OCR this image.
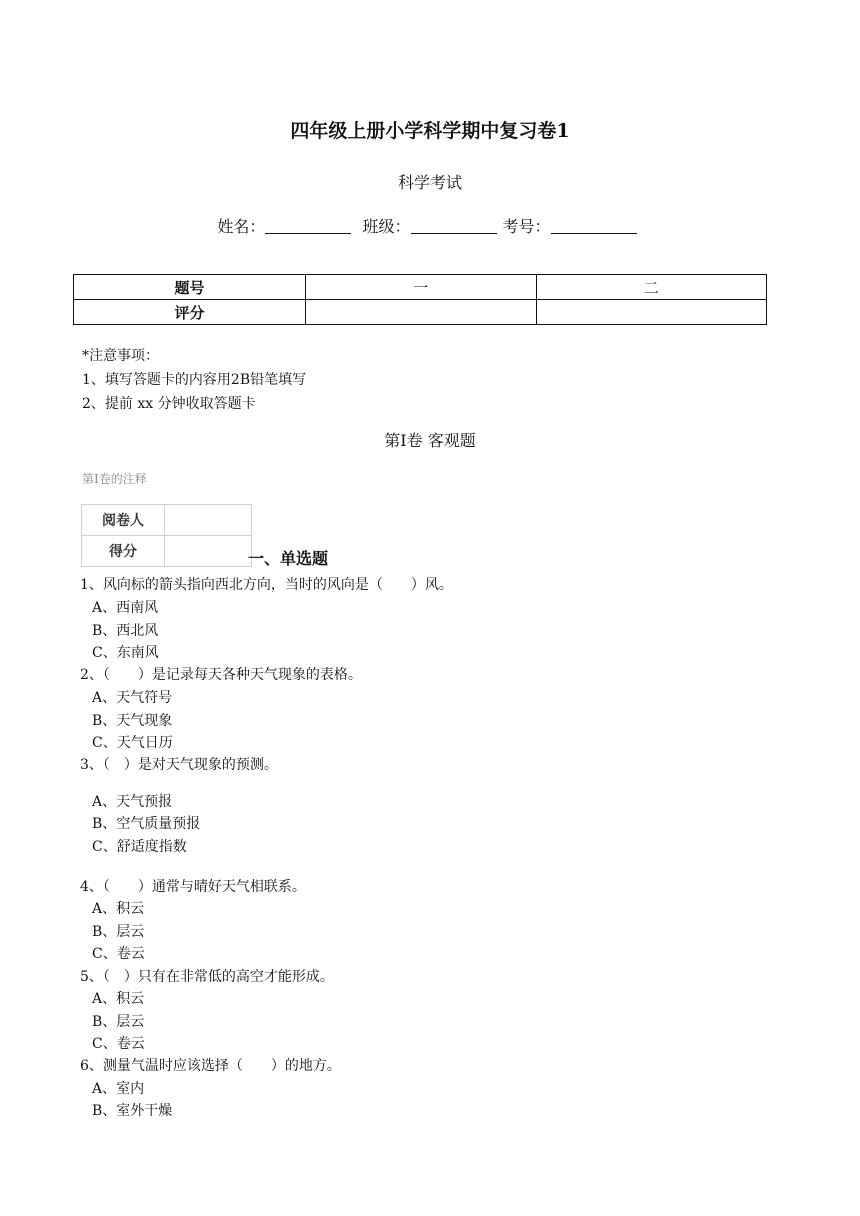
四年级上册小学科学期中复习卷1
科学考试
姓名：	班级：	考号：
题号	一	二
评分		
*注意事项：
1、填写答题卡的内容用2B铅笔填写
2、提前 xx 分钟收取答题卡
第Ⅰ卷 客观题
第Ⅰ卷的注释
阅卷人	
得分		一、单选题
1、风向标的箭头指向西北方向，当时的风向是（　　）风。
A、西南风
B、西北风
C、东南风
2、（　　）是记录每天各种天气现象的表格。
A、天气符号
B、天气现象
C、天气日历
3、（　）是对天气现象的预测。
A、天气预报
B、空气质量预报
C、舒适度指数
4、（　　）通常与晴好天气相联系。
A、积云
B、层云
C、卷云
5、（　）只有在非常低的高空才能形成。
A、积云
B、层云
C、卷云
6、测量气温时应该选择（　　）的地方。
A、室内
B、室外干燥
